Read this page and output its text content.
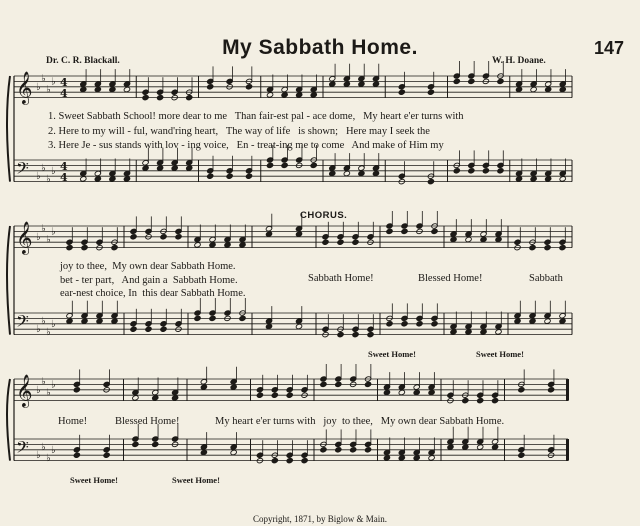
My Sabbath Home.	147
Dr. C. R. Blackall.	W. H. Doane.
𝄞
𝄢
♭
♭
♭
♭
♭
♭
♭
♭
4
4
4
4
𝄞
𝄢
♭
♭
♭
♭
♭
♭
♭
♭
𝄞
𝄢
♭
♭
♭
♭
♭
♭
♭
♭
1. Sweet Sabbath School! more dear to me   Than fair-est pal - ace dome,   My heart e'er turns with
2. Here to my will - ful, wand'ring heart,   The way of life   is shown;   Here may I seek the
3. Here Je - sus stands with lov - ing voice,   En - treat-ing me to come   And make of Him my
CHORUS.
joy to thee,  My own dear Sabbath Home.
bet - ter part,   And gain a  Sabbath Home.
ear-nest choice, In  this dear Sabbath Home.
Sabbath Home!	Blessed Home!	Sabbath
Sweet Home!	Sweet Home!
Home!	Blessed Home!	My heart e'er turns with   joy  to thee,   My own dear Sabbath Home.
Sweet Home!	Sweet Home!
Copyright, 1871, by Biglow & Main.
